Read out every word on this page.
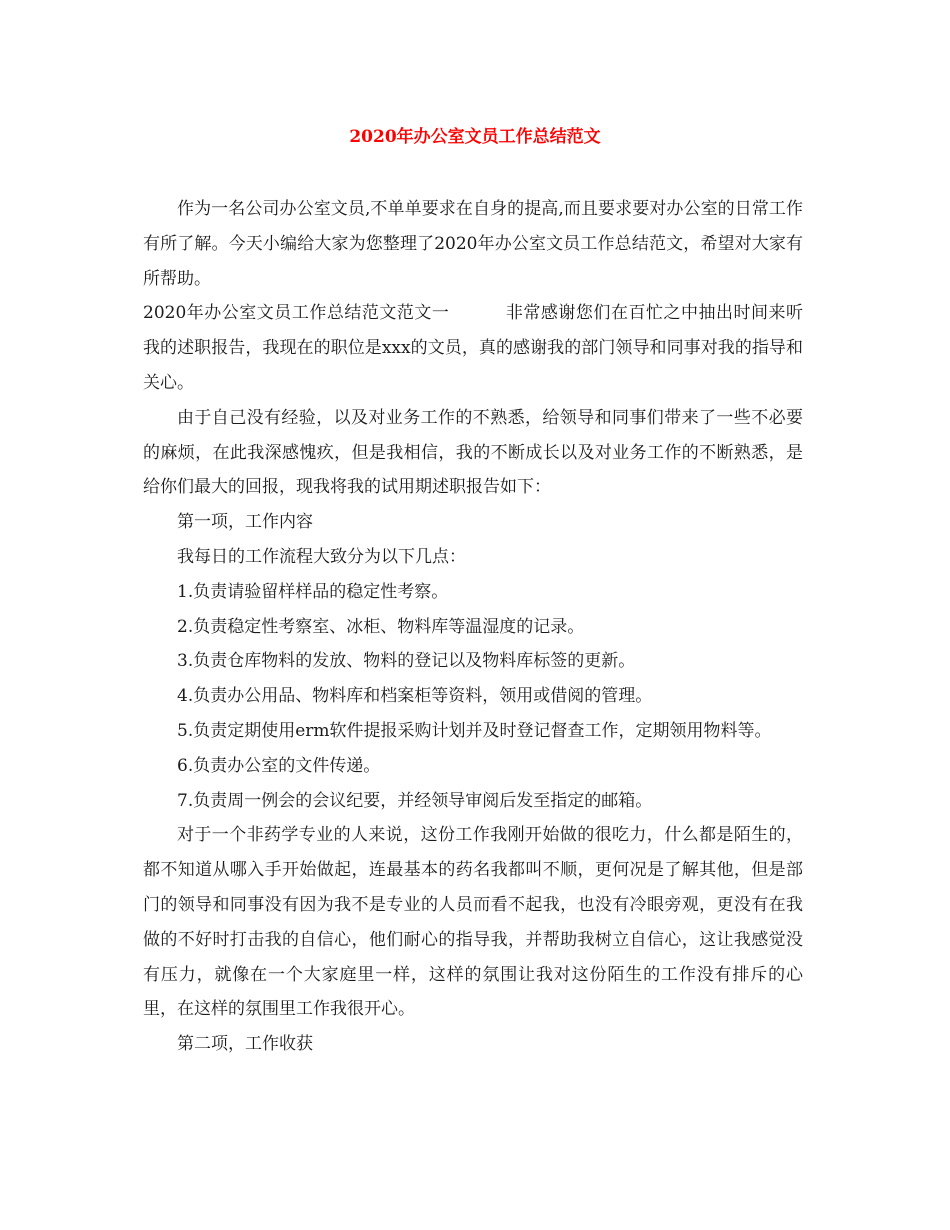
2020年办公室文员工作总结范文

作为一名公司办公室文员,不单单要求在自身的提高,而且要求要对办公室的日常工作有所了解。今天小编给大家为您整理了2020年办公室文员工作总结范文，希望对大家有所帮助。

2020年办公室文员工作总结范文范文一	非常感谢您们在百忙之中抽出时间来听我的述职报告，我现在的职位是xxx的文员，真的感谢我的部门领导和同事对我的指导和关心。

由于自己没有经验，以及对业务工作的不熟悉，给领导和同事们带来了一些不必要的麻烦，在此我深感愧疚，但是我相信，我的不断成长以及对业务工作的不断熟悉，是给你们最大的回报，现我将我的试用期述职报告如下：

第一项，工作内容

我每日的工作流程大致分为以下几点：

1.负责请验留样样品的稳定性考察。

2.负责稳定性考察室、冰柜、物料库等温湿度的记录。

3.负责仓库物料的发放、物料的登记以及物料库标签的更新。

4.负责办公用品、物料库和档案柜等资料，领用或借阅的管理。

5.负责定期使用erm软件提报采购计划并及时登记督查工作，定期领用物料等。

6.负责办公室的文件传递。

7.负责周一例会的会议纪要，并经领导审阅后发至指定的邮箱。

对于一个非药学专业的人来说，这份工作我刚开始做的很吃力，什么都是陌生的，都不知道从哪入手开始做起，连最基本的药名我都叫不顺，更何况是了解其他，但是部门的领导和同事没有因为我不是专业的人员而看不起我，也没有冷眼旁观，更没有在我做的不好时打击我的自信心，他们耐心的指导我，并帮助我树立自信心，这让我感觉没有压力，就像在一个大家庭里一样，这样的氛围让我对这份陌生的工作没有排斥的心里，在这样的氛围里工作我很开心。

第二项，工作收获
